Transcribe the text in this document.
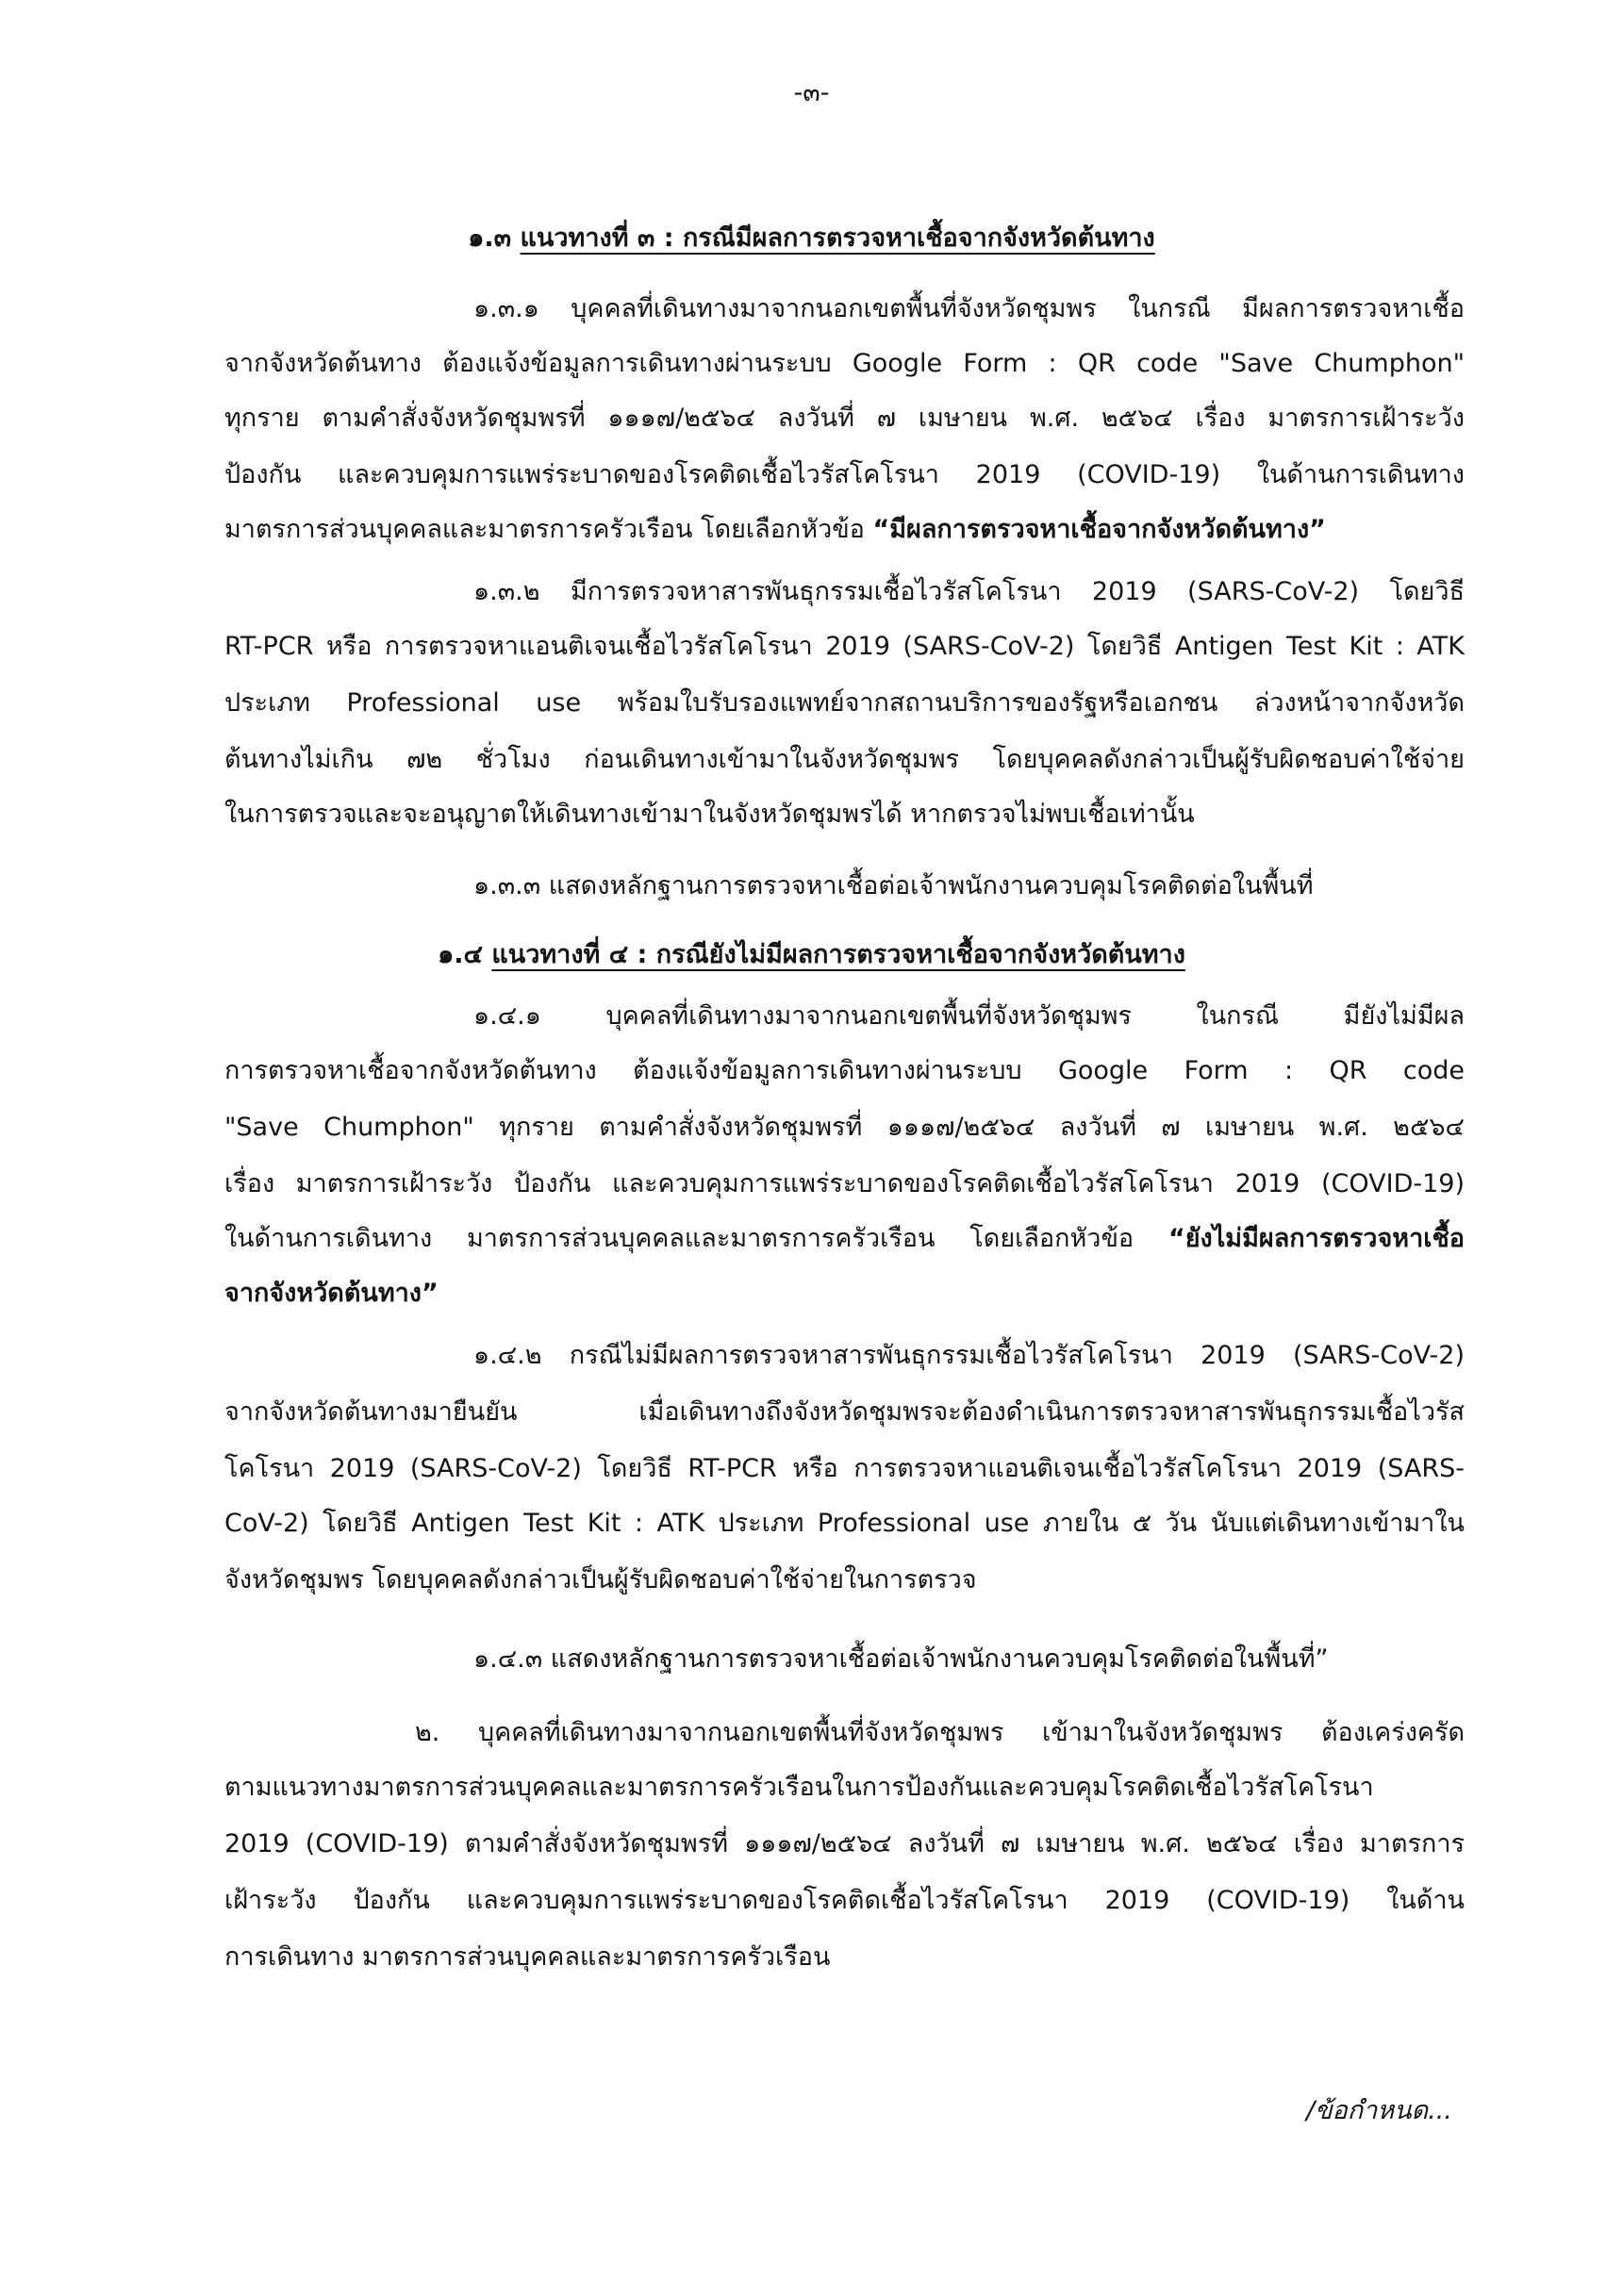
-๓-
๑.๓ แนวทางที่ ๓ : กรณีมีผลการตรวจหาเชื้อจากจังหวัดต้นทาง
๑.๓.๑ บุคคลที่เดินทางมาจากนอกเขตพื้นที่จังหวัดชุมพร ในกรณี มีผลการตรวจหาเชื้อ
จากจังหวัดต้นทาง ต้องแจ้งข้อมูลการเดินทางผ่านระบบ Google Form : QR code "Save Chumphon"
ทุกราย ตามคำสั่งจังหวัดชุมพรที่ ๑๑๑๗/๒๕๖๔ ลงวันที่ ๗ เมษายน พ.ศ. ๒๕๖๔ เรื่อง มาตรการเฝ้าระวัง
ป้องกัน และควบคุมการแพร่ระบาดของโรคติดเชื้อไวรัสโคโรนา 2019 (COVID-19) ในด้านการเดินทาง
มาตรการส่วนบุคคลและมาตรการครัวเรือน โดยเลือกหัวข้อ “มีผลการตรวจหาเชื้อจากจังหวัดต้นทาง”
๑.๓.๒ มีการตรวจหาสารพันธุกรรมเชื้อไวรัสโคโรนา 2019 (SARS-CoV-2) โดยวิธี
RT-PCR หรือ การตรวจหาแอนติเจนเชื้อไวรัสโคโรนา 2019 (SARS-CoV-2) โดยวิธี Antigen Test Kit : ATK
ประเภท Professional use พร้อมใบรับรองแพทย์จากสถานบริการของรัฐหรือเอกชน ล่วงหน้าจากจังหวัด
ต้นทางไม่เกิน ๗๒ ชั่วโมง ก่อนเดินทางเข้ามาในจังหวัดชุมพร โดยบุคคลดังกล่าวเป็นผู้รับผิดชอบค่าใช้จ่าย
ในการตรวจและจะอนุญาตให้เดินทางเข้ามาในจังหวัดชุมพรได้ หากตรวจไม่พบเชื้อเท่านั้น
๑.๓.๓ แสดงหลักฐานการตรวจหาเชื้อต่อเจ้าพนักงานควบคุมโรคติดต่อในพื้นที่
๑.๔ แนวทางที่ ๔ : กรณียังไม่มีผลการตรวจหาเชื้อจากจังหวัดต้นทาง
๑.๔.๑ บุคคลที่เดินทางมาจากนอกเขตพื้นที่จังหวัดชุมพร ในกรณี มียังไม่มีผล
การตรวจหาเชื้อจากจังหวัดต้นทาง ต้องแจ้งข้อมูลการเดินทางผ่านระบบ Google Form : QR code
"Save Chumphon" ทุกราย ตามคำสั่งจังหวัดชุมพรที่ ๑๑๑๗/๒๕๖๔ ลงวันที่ ๗ เมษายน พ.ศ. ๒๕๖๔
เรื่อง มาตรการเฝ้าระวัง ป้องกัน และควบคุมการแพร่ระบาดของโรคติดเชื้อไวรัสโคโรนา 2019 (COVID-19)
ในด้านการเดินทาง มาตรการส่วนบุคคลและมาตรการครัวเรือน โดยเลือกหัวข้อ “ยังไม่มีผลการตรวจหาเชื้อ
จากจังหวัดต้นทาง”
๑.๔.๒ กรณีไม่มีผลการตรวจหาสารพันธุกรรมเชื้อไวรัสโคโรนา 2019 (SARS-CoV-2)
จากจังหวัดต้นทางมายืนยัน เมื่อเดินทางถึงจังหวัดชุมพรจะต้องดำเนินการตรวจหาสารพันธุกรรมเชื้อไวรัส
โคโรนา 2019 (SARS-CoV-2) โดยวิธี RT-PCR หรือ การตรวจหาแอนติเจนเชื้อไวรัสโคโรนา 2019 (SARS-
CoV-2) โดยวิธี Antigen Test Kit : ATK ประเภท Professional use ภายใน ๕ วัน นับแต่เดินทางเข้ามาใน
จังหวัดชุมพร โดยบุคคลดังกล่าวเป็นผู้รับผิดชอบค่าใช้จ่ายในการตรวจ
๑.๔.๓ แสดงหลักฐานการตรวจหาเชื้อต่อเจ้าพนักงานควบคุมโรคติดต่อในพื้นที่”
๒. บุคคลที่เดินทางมาจากนอกเขตพื้นที่จังหวัดชุมพร เข้ามาในจังหวัดชุมพร ต้องเคร่งครัด
ตามแนวทางมาตรการส่วนบุคคลและมาตรการครัวเรือนในการป้องกันและควบคุมโรคติดเชื้อไวรัสโคโรนา
2019 (COVID-19) ตามคำสั่งจังหวัดชุมพรที่ ๑๑๑๗/๒๕๖๔ ลงวันที่ ๗ เมษายน พ.ศ. ๒๕๖๔ เรื่อง มาตรการ
เฝ้าระวัง ป้องกัน และควบคุมการแพร่ระบาดของโรคติดเชื้อไวรัสโคโรนา 2019 (COVID-19) ในด้าน
การเดินทาง มาตรการส่วนบุคคลและมาตรการครัวเรือน
/ข้อกำหนด...
